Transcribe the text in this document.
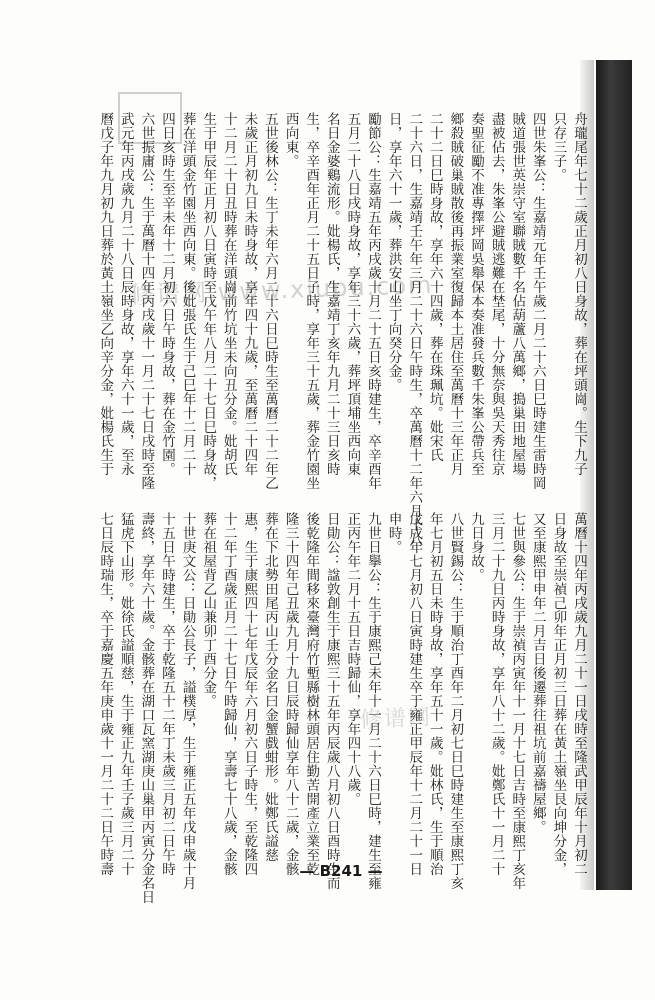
修谱网 www.xiupu.com
修谱网
舟瓏尾年七十二歲正月初八日身故，葬在坪頭崗。生下九子
只存三子。
四世朱峯公：生嘉靖元年壬午歲二月二十六日巳時建生雷時岡
賊道張世英崇守室聯賊數千名佔葫蘆八萬鄉，搗巢田地屋場
盡被佔去，朱峯公避賊逃難在埜尾，十分無奈與吳天秀往京
奏聖征勵不准專擇坪岡吳舉保本奏准發兵數千朱峯公帶兵至
鄉殺賊破巢賊散後再振業室復歸本土居住至萬曆十三年正月
二十二日巳時身故，享年六十四歲，葬在珠珮坑。妣宋氏
二十六日，生嘉靖壬午年三月二十六日午時生，卒萬曆十二年六月十八
日，享年六十一歲，葬洪安山坐丁向癸分金。
勵節公：生嘉靖五年丙戌歲十月二十五日亥時建生，卒辛酉年
五月二十八日戌時身故，享年三十六歲，葬坪頂埔坐西向東
名日金婆鷄流形。妣楊氏，生嘉靖丁亥年九月二十三日亥時
生，卒辛酉年正月二十五日子時，享年三十五歲，葬金竹園坐
西向東。
五世後林公：生丁未年六月二十六日巳時生至萬曆二十二年乙
未歲正月初九日未時身故，享年四十九歲，至萬曆二十四年
十二月二十日丑時葬在洋頭崗前竹坑坐未向丑分金。妣胡氏
生于甲辰年正月初八日寅時至戊午年八月二十七日巳時身故，
葬在洋頭金竹園坐西向東。後妣張氏生于己巳年十二月二十
四日亥時生至辛未年十二月初六日午時身故，葬在金竹園。
六世振庸公：生于萬曆十四年丙戌歲十一月二十七日戌時至隆
武元年丙戌歲九月二十八日辰時身故，享年六十一歲，至永
曆戊子年九月初九日葬於黃土嶺坐乙向辛分金，妣楊氏生于
萬曆十四年丙戌歲九月二十一日戌時至隆武甲辰年十月初二
日身故至崇禎己卯年正月初三日葬在黃土嶺坐艮向坤分金，
又至康熙甲申年二月吉日後遷葬往祖坑前嘉禱屋鄉。
七世與參公：生于崇禎丙寅年十一月十七日吉時至康熙丁亥年
三月二十九日丙時身故，享年八十二歲。妣鄭氏十一月二十
九日身故。
八世賢錫公：生于順治丁酉年二月初七日巳時建生至康熙丁亥
年七月初五日未時身故，享年五十一歲。妣林氏，生于順治
戊戌年七月初八日寅時建生卒于雍正甲辰年十二月二十一日
申時。
九世日擧公：生于康熙己未年十一月二十六日巳時，建生至雍
正丙午年二月十五日吉時歸仙，享年四十八歲。
日勛公：諡敦創生于康熙三十五年丙辰歲八月初八日酉時生而
後乾隆年間移來臺灣府竹塹縣樹林頭居住勤苦開產立業至乾
隆三十四年己丑歲九月十九日辰時歸仙享年八十二歲，金骸
葬在下北勢田尾丙山壬分金名曰金蟹戲蚶形。妣鄭氏謚慈
惠，生于康熙四十七年戊辰年六月初六日子時生，至乾隆四
十二年丁酉歲正月二十七日午時歸仙，享壽七十八歲，金骸
葬在祖屋背乙山兼卯丁酉分金。
十世庚文公：日勛公長子，謚樸厚，生于雍正五年戊申歲十月
十五日午時建生，卒于乾隆五十二年丁未歲三月初二日午時
壽終，享年六十歲。金骸葬在湖口瓦窯湖庚山巢甲丙寅分金名日
猛虎下山形。妣徐氏謚順慈，生于雍正九年壬子歲三月二十
七日辰時瑞生，卒于嘉慶五年庚申歲十一月二十二日午時壽	— B241 —
